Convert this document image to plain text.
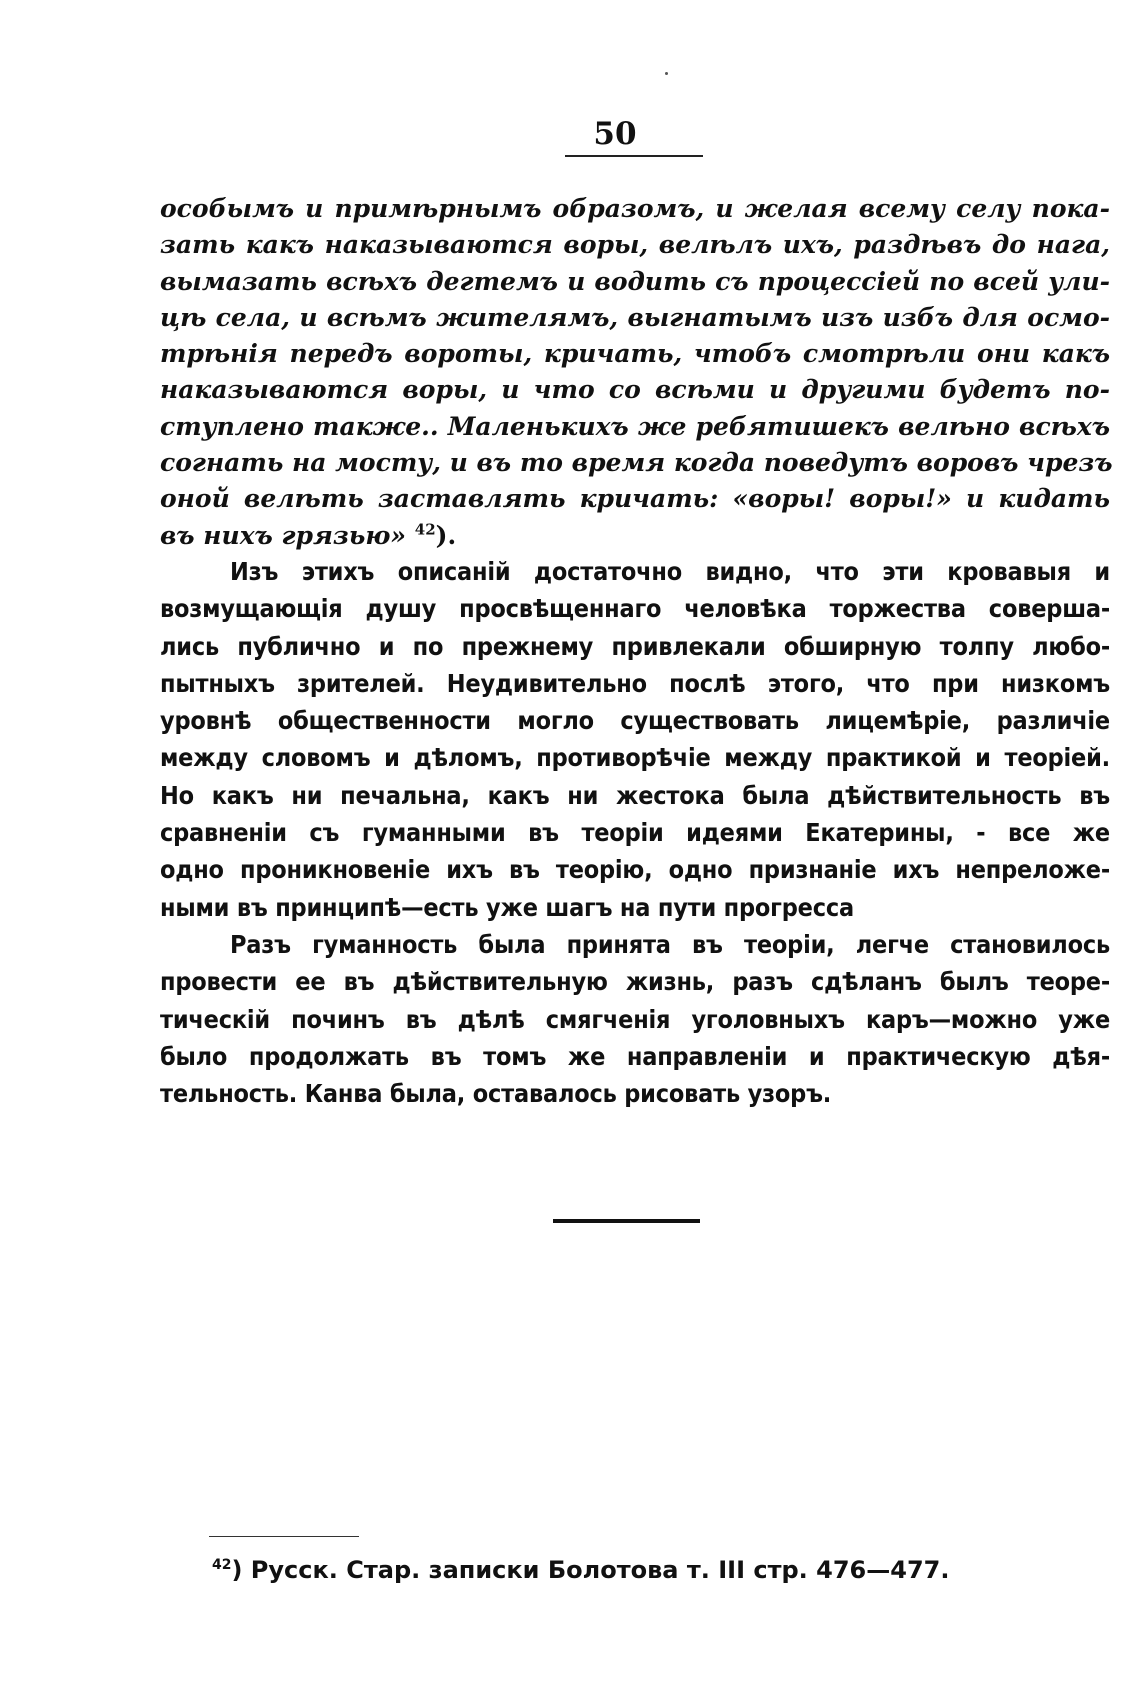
50
особымъ и примѣрнымъ образомъ, и желая всему селу пока-
зать какъ наказываются воры, велѣлъ ихъ, раздѣвъ до нага,
вымазать всѣхъ дегтемъ и водить съ процессiей по всей ули-
цѣ села, и всѣмъ жителямъ, выгнатымъ изъ избъ для осмо-
трѣнiя передъ вороты, кричать, чтобъ смотрѣли они какъ
наказываются воры, и что со всѣми и другими будетъ по-
ступлено также.. Маленькихъ же ребятишекъ велѣно всѣхъ
согнать на мосту, и въ то время когда поведутъ воровъ чрезъ
оной велѣть заставлять кричать: «воры! воры!» и кидать
въ нихъ грязью» $^{42}$).
Изъ этихъ описанiй достаточно видно, что эти кровавыя и
возмущающiя душу просвѣщеннаго человѣка торжества соверша-
лись публично и по прежнему привлекали обширную толпу любо-
пытныхъ зрителей. Неудивительно послѣ этого, что при низкомъ
уровнѣ общественности могло существовать лицемѣрiе, различiе
между словомъ и дѣломъ, противорѣчiе между практикой и теорiей.
Но какъ ни печальна, какъ ни жестока была дѣйствительность въ
сравненiи съ гуманными въ теорiи идеями Екатерины, - все же
одно проникновенiе ихъ въ теорiю, одно признанiе ихъ непреложе-
ными въ принципѣ—есть уже шагъ на пути прогресса
Разъ гуманность была принята въ теорiи, легче становилось
провести ее въ дѣйствительную жизнь, разъ сдѣланъ былъ теоре-
тическiй починъ въ дѣлѣ смягченiя уголовныхъ каръ—можно уже
было продолжать въ томъ же направленiи и практическую дѣя-
тельность. Канва была, оставалось рисовать узоръ.
$^{42}$) Русск. Стар. записки Болотова т. III стр. 476—477.
